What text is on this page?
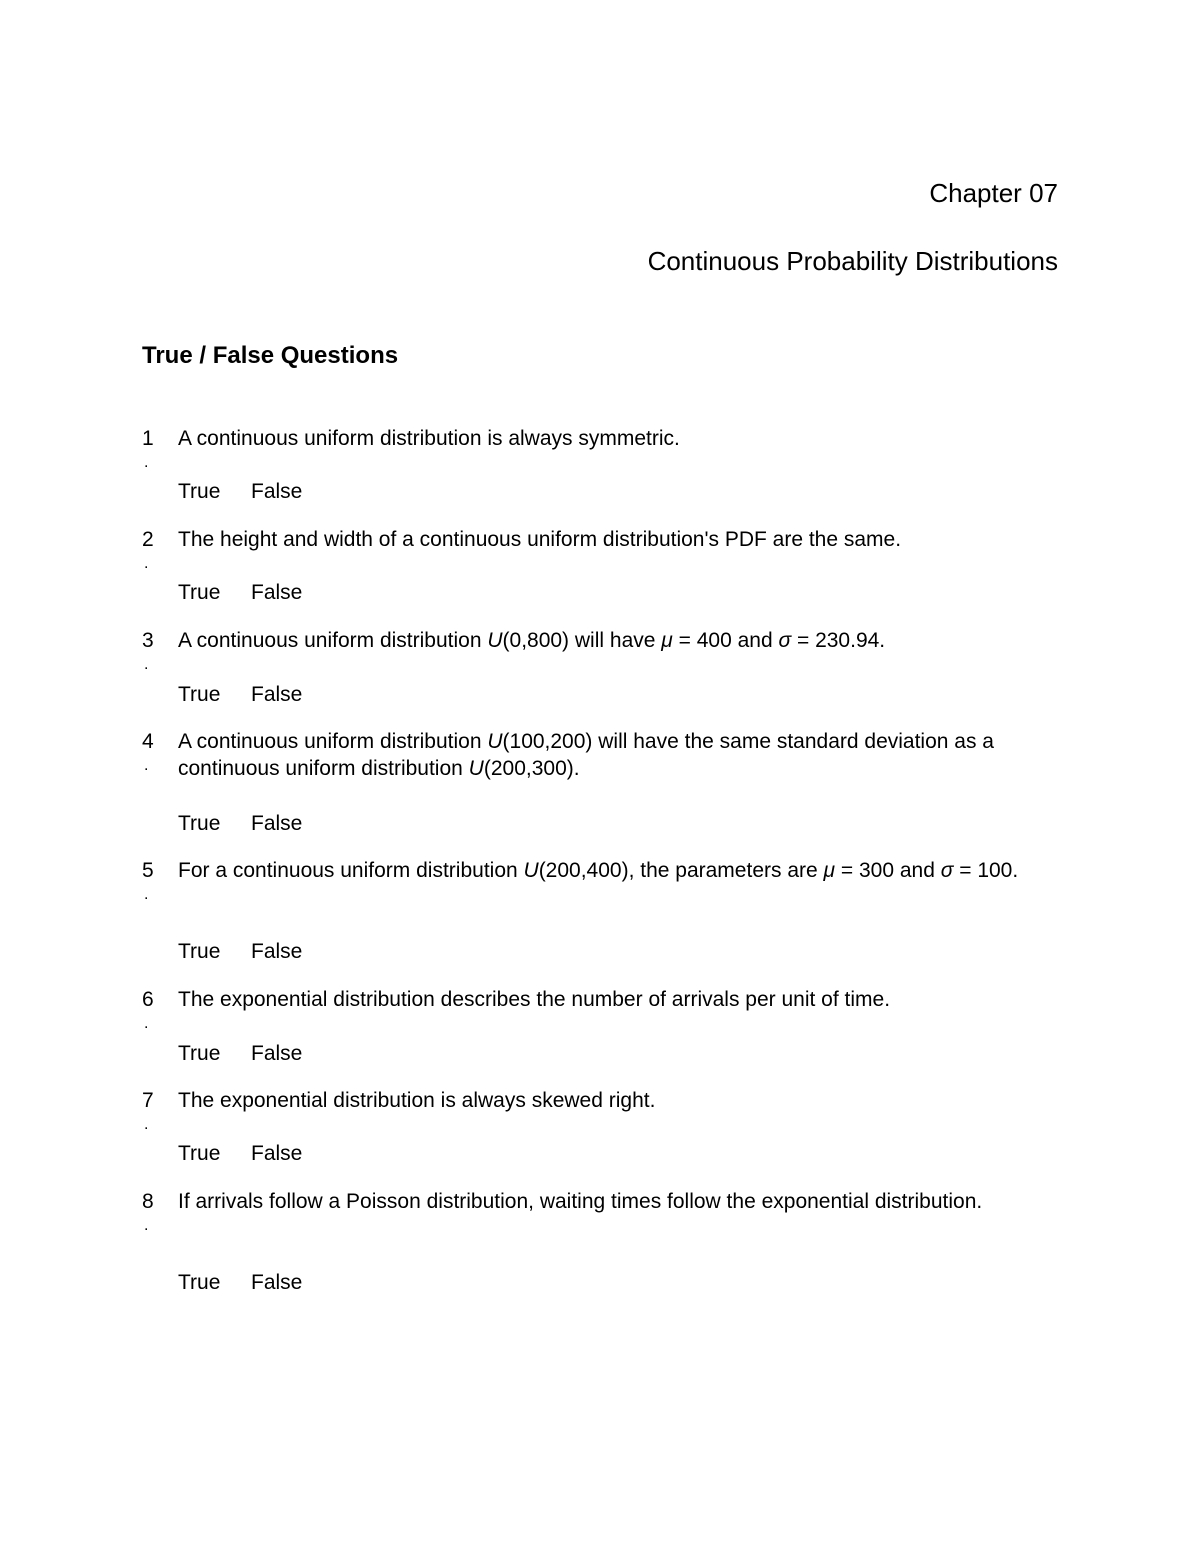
Chapter 07
Continuous Probability Distributions
True / False Questions
1
.
A continuous uniform distribution is always symmetric.
True False
2
.
The height and width of a continuous uniform distribution's PDF are the same.
True False
3
.
A continuous uniform distribution U(0,800) will have μ = 400 and σ = 230.94.
True False
4
.
A continuous uniform distribution U(100,200) will have the same standard deviation as a continuous uniform distribution U(200,300).
True False
5
.
For a continuous uniform distribution U(200,400), the parameters are μ = 300 and σ = 100.
True False
6
.
The exponential distribution describes the number of arrivals per unit of time.
True False
7
.
The exponential distribution is always skewed right.
True False
8
.
If arrivals follow a Poisson distribution, waiting times follow the exponential distribution.
True False
